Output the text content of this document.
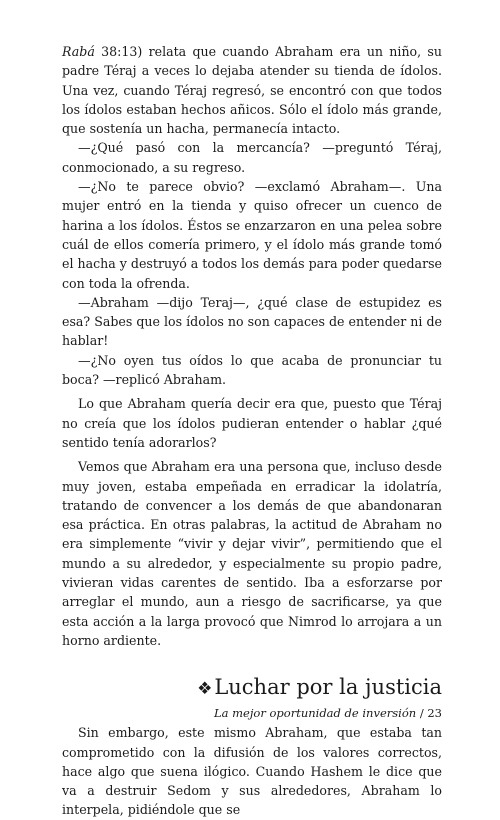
Rabá 38:13) relata que cuando Abraham era un niño, su padre Téraj a veces lo dejaba atender su tienda de ídolos. Una vez, cuando Téraj regresó, se encontró con que todos los ídolos estaban hechos añicos. Sólo el ídolo más grande, que sostenía un hacha, permanecía intacto.

—¿Qué pasó con la mercancía? —preguntó Téraj, conmocionado, a su regreso.

—¿No te parece obvio? —exclamó Abraham—. Una mujer entró en la tienda y quiso ofrecer un cuenco de harina a los ídolos. Éstos se enzarzaron en una pelea sobre cuál de ellos comería primero, y el ídolo más grande tomó el hacha y destruyó a todos los demás para poder quedarse con toda la ofrenda.

—Abraham —dijo Teraj—, ¿qué clase de estupidez es esa? Sabes que los ídolos no son capaces de entender ni de hablar!

—¿No oyen tus oídos lo que acaba de pronunciar tu boca? —replicó Abraham.

Lo que Abraham quería decir era que, puesto que Téraj no creía que los ídolos pudieran entender o hablar ¿qué sentido tenía adorarlos?

Vemos que Abraham era una persona que, incluso desde muy joven, estaba empeñada en erradicar la idolatría, tratando de convencer a los demás de que abandonaran esa práctica. En otras palabras, la actitud de Abraham no era simplemente “vivir y dejar vivir”, permitiendo que el mundo a su alrededor, y especialmente su propio padre, vivieran vidas carentes de sentido. Iba a esforzarse por arreglar el mundo, aun a riesgo de sacrificarse, ya que esta acción a la larga provocó que Nimrod lo arrojara a un horno ardiente.

❖Luchar por la justicia

Sin embargo, este mismo Abraham, que estaba tan comprometido con la difusión de los valores correctos, hace algo que suena ilógico. Cuando Hashem le dice que va a destruir Sedom y sus alrededores, Abraham lo interpela, pidiéndole que se

La mejor oportunidad de inversión / 23
